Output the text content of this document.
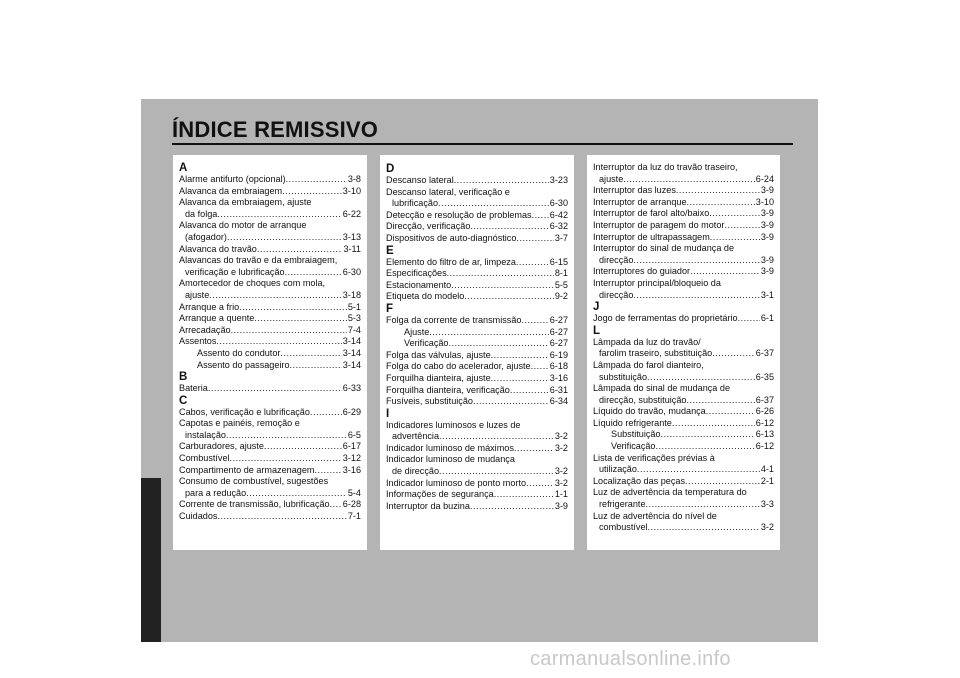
ÍNDICE REMISSIVO
A
Alarme antifurto (opcional) .....	3-8
Alavanca da embraiagem .....	3-10
Alavanca da embraiagem, ajuste
da folga .....	6-22
Alavanca do motor de arranque
(afogador) .....	3-13
Alavanca do travão .....	3-11
Alavancas do travão e da embraiagem,
verificação e lubrificação .....	6-30
Amortecedor de choques com mola,
ajuste .....	3-18
Arranque a frio .....	5-1
Arranque a quente .....	5-3
Arrecadação .....	7-4
Assentos .....	3-14
Assento do condutor .....	3-14
Assento do passageiro .....	3-14
B
Bateria .....	6-33
C
Cabos, verificação e lubrificação .....	6-29
Capotas e painéis, remoção e
instalação .....	6-5
Carburadores, ajuste .....	6-17
Combustível .....	3-12
Compartimento de armazenagem .....	3-16
Consumo de combustível, sugestões
para a redução .....	5-4
Corrente de transmissão, lubrificação ..... 6-28
Cuidados .....	7-1
D
Descanso lateral .....	3-23
Descanso lateral, verificação e
lubrificação .....	6-30
Detecção e resolução de problemas ..... 6-42
Direcção, verificação .....	6-32
Dispositivos de auto-diagnóstico .....	3-7
E
Elemento do filtro de ar, limpeza .....	6-15
Especificações .....	8-1
Estacionamento .....	5-5
Etiqueta do modelo .....	9-2
F
Folga da corrente de transmissão .....	6-27
Ajuste .....	6-27
Verificação .....	6-27
Folga das válvulas, ajuste .....	6-19
Folga do cabo do acelerador, ajuste ..... 6-18
Forquilha dianteira, ajuste .....	3-16
Forquilha dianteira, verificação .....	6-31
Fusíveis, substituição .....	6-34
I
Indicadores luminosos e luzes de
advertência .....	3-2
Indicador luminoso de máximos .....	3-2
Indicador luminoso de mudança
de direcção .....	3-2
Indicador luminoso de ponto morto .....	3-2
Informações de segurança .....	1-1
Interruptor da buzina .....	3-9
Interruptor da luz do travão traseiro,
ajuste .....	6-24
Interruptor das luzes .....	3-9
Interruptor de arranque .....	3-10
Interruptor de farol alto/baixo .....	3-9
Interruptor de paragem do motor .....	3-9
Interruptor de ultrapassagem .....	3-9
Interruptor do sinal de mudança de
direcção .....	3-9
Interruptores do guiador .....	3-9
Interruptor principal/bloqueio da
direcção .....	3-1
J
Jogo de ferramentas do proprietário .....	6-1
L
Lâmpada da luz do travão/
farolim traseiro, substituição .....	6-37
Lâmpada do farol dianteiro,
substituição .....	6-35
Lâmpada do sinal de mudança de
direcção, substituição .....	6-37
Líquido do travão, mudança .....	6-26
Líquido refrigerante .....	6-12
Substituição .....	6-13
Verificação .....	6-12
Lista de verificações prévias à
utilização .....	4-1
Localização das peças .....	2-1
Luz de advertência da temperatura do
refrigerante .....	3-3
Luz de advertência do nível de
combustível .....	3-2
carmanualsonline.info
